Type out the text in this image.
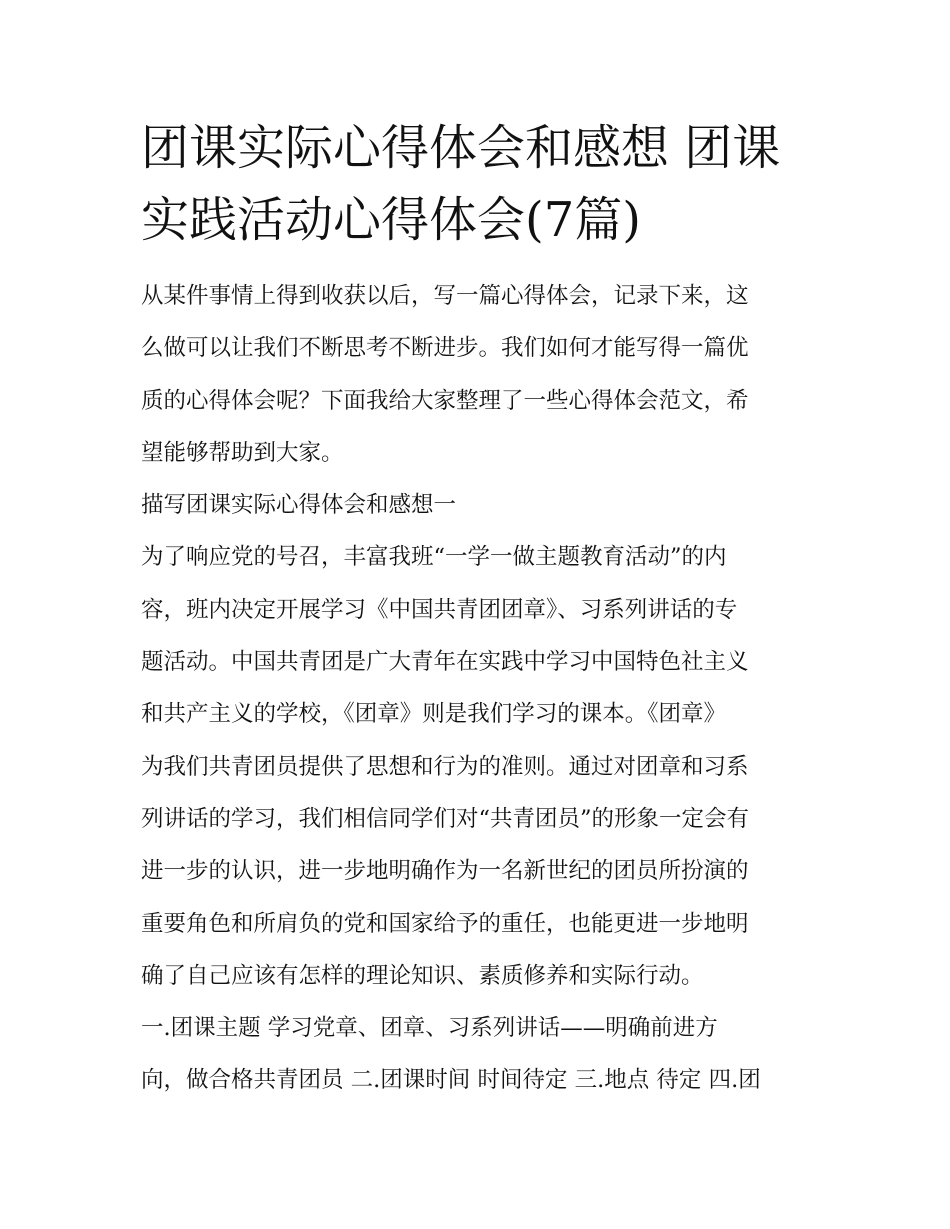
团课实际心得体会和感想 团课
实践活动心得体会(7篇)
从某件事情上得到收获以后，写一篇心得体会，记录下来，这
么做可以让我们不断思考不断进步。我们如何才能写得一篇优
质的心得体会呢？下面我给大家整理了一些心得体会范文，希
望能够帮助到大家。
描写团课实际心得体会和感想一
为了响应党的号召，丰富我班“一学一做主题教育活动”的内
容，班内决定开展学习《中国共青团团章》、习系列讲话的专
题活动。中国共青团是广大青年在实践中学习中国特色社主义
和共产主义的学校，《团章》则是我们学习的课本。《团章》
为我们共青团员提供了思想和行为的准则。通过对团章和习系
列讲话的学习，我们相信同学们对“共青团员”的形象一定会有
进一步的认识，进一步地明确作为一名新世纪的团员所扮演的
重要角色和所肩负的党和国家给予的重任，也能更进一步地明
确了自己应该有怎样的理论知识、素质修养和实际行动。
一.团课主题 学习党章、团章、习系列讲话——明确前进方
向，做合格共青团员 二.团课时间 时间待定 三.地点 待定 四.团
